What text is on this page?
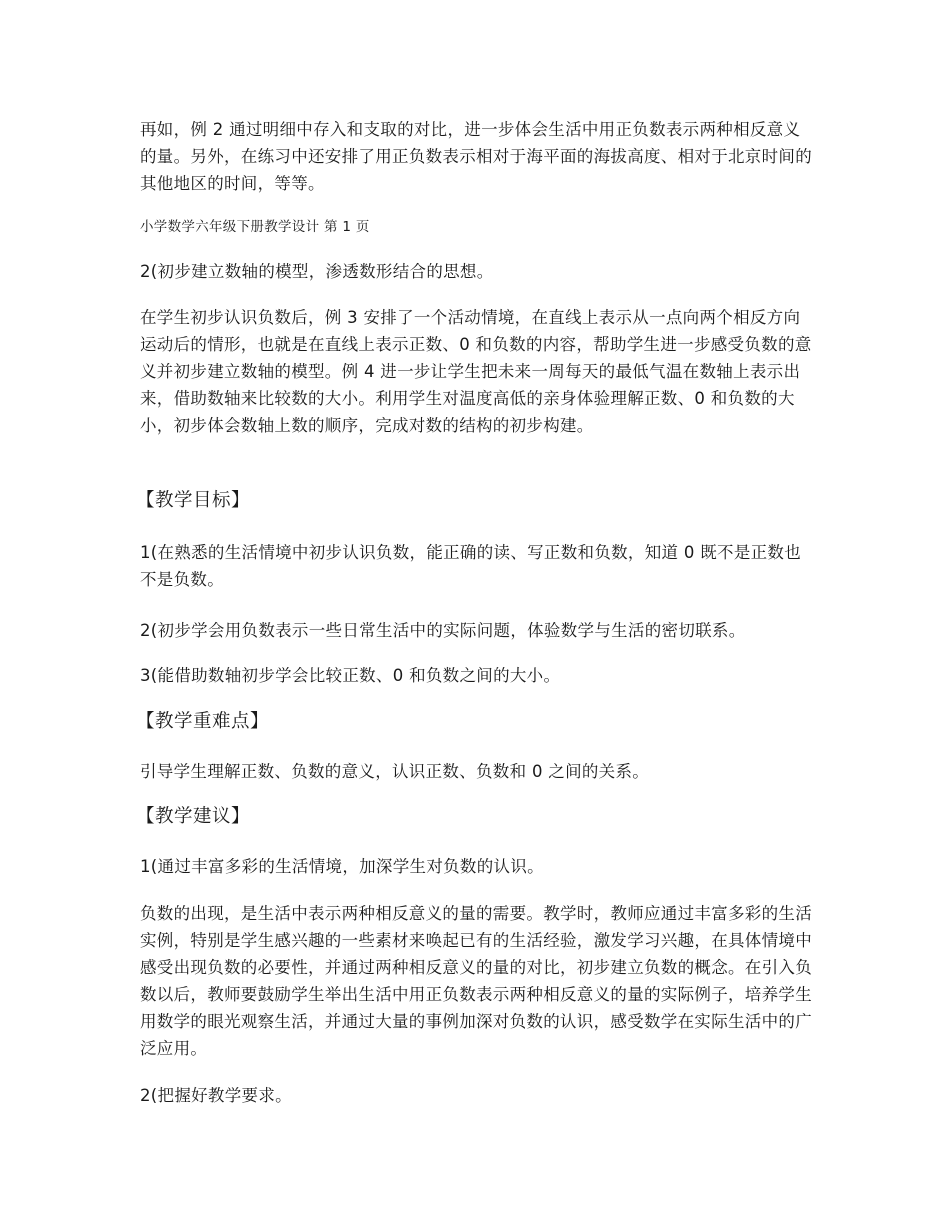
再如，例 2 通过明细中存入和支取的对比，进一步体会生活中用正负数表示两种相反意义的量。另外，在练习中还安排了用正负数表示相对于海平面的海拔高度、相对于北京时间的其他地区的时间，等等。

小学数学六年级下册教学设计 第 1 页

2(初步建立数轴的模型，渗透数形结合的思想。

在学生初步认识负数后，例 3 安排了一个活动情境，在直线上表示从一点向两个相反方向运动后的情形，也就是在直线上表示正数、0 和负数的内容，帮助学生进一步感受负数的意义并初步建立数轴的模型。例 4 进一步让学生把未来一周每天的最低气温在数轴上表示出来，借助数轴来比较数的大小。利用学生对温度高低的亲身体验理解正数、0 和负数的大小，初步体会数轴上数的顺序，完成对数的结构的初步构建。

【教学目标】

1(在熟悉的生活情境中初步认识负数，能正确的读、写正数和负数，知道 0 既不是正数也不是负数。

2(初步学会用负数表示一些日常生活中的实际问题，体验数学与生活的密切联系。

3(能借助数轴初步学会比较正数、0 和负数之间的大小。

【教学重难点】

引导学生理解正数、负数的意义，认识正数、负数和 0 之间的关系。

【教学建议】

1(通过丰富多彩的生活情境，加深学生对负数的认识。

负数的出现，是生活中表示两种相反意义的量的需要。教学时，教师应通过丰富多彩的生活实例，特别是学生感兴趣的一些素材来唤起已有的生活经验，激发学习兴趣，在具体情境中感受出现负数的必要性，并通过两种相反意义的量的对比，初步建立负数的概念。在引入负数以后，教师要鼓励学生举出生活中用正负数表示两种相反意义的量的实际例子，培养学生用数学的眼光观察生活，并通过大量的事例加深对负数的认识，感受数学在实际生活中的广泛应用。

2(把握好教学要求。
